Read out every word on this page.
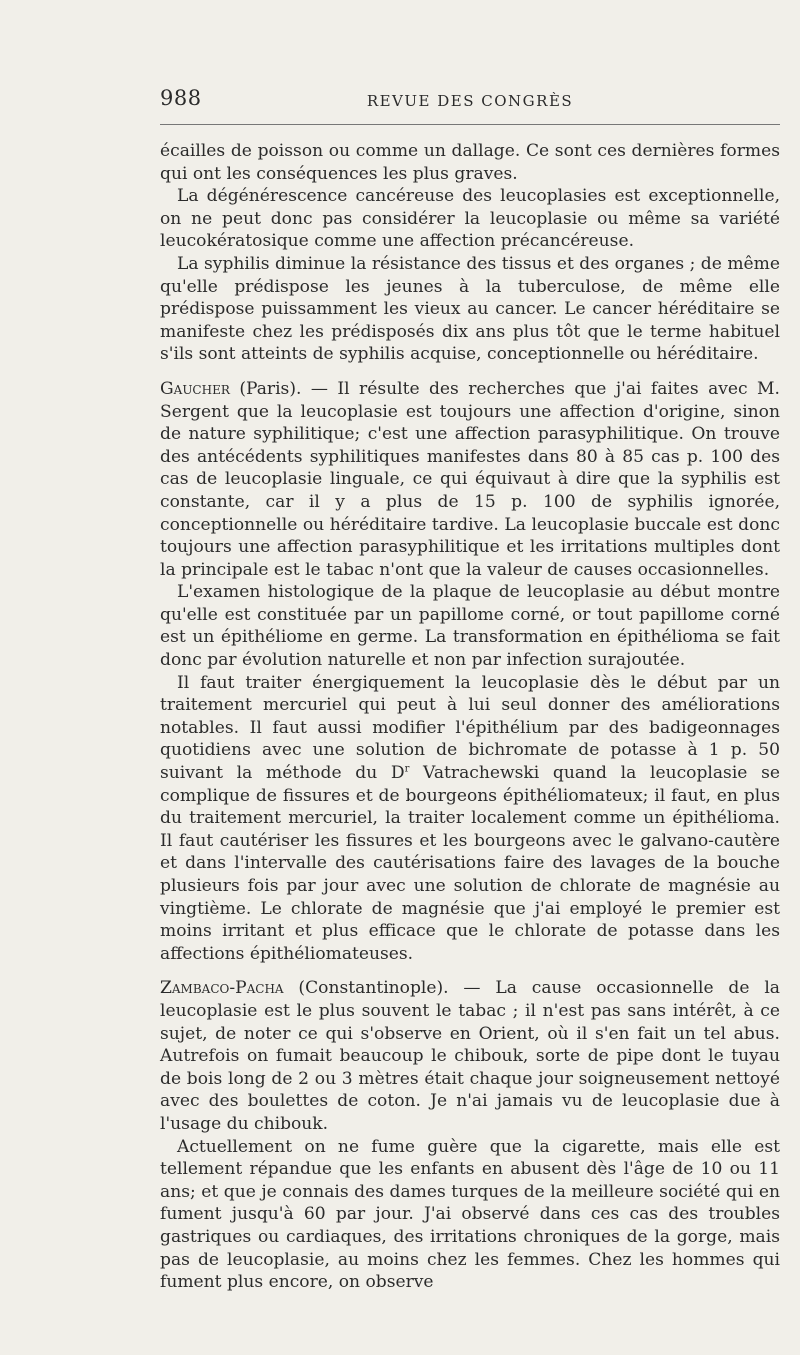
988	REVUE DES CONGRÈS

écailles de poisson ou comme un dallage. Ce sont ces dernières formes qui ont les conséquences les plus graves.

La dégénérescence cancéreuse des leucoplasies est exceptionnelle, on ne peut donc pas considérer la leucoplasie ou même sa variété leucokératosique comme une affection précancéreuse.

La syphilis diminue la résistance des tissus et des organes ; de même qu'elle prédispose les jeunes à la tuberculose, de même elle prédispose puissamment les vieux au cancer. Le cancer héréditaire se manifeste chez les prédisposés dix ans plus tôt que le terme habituel s'ils sont atteints de syphilis acquise, conceptionnelle ou héréditaire.

Gaucher (Paris). — Il résulte des recherches que j'ai faites avec M. Sergent que la leucoplasie est toujours une affection d'origine, sinon de nature syphilitique; c'est une affection parasyphilitique. On trouve des antécédents syphilitiques manifestes dans 80 à 85 cas p. 100 des cas de leucoplasie linguale, ce qui équivaut à dire que la syphilis est constante, car il y a plus de 15 p. 100 de syphilis ignorée, conceptionnelle ou héréditaire tardive. La leucoplasie buccale est donc toujours une affection parasyphilitique et les irritations multiples dont la principale est le tabac n'ont que la valeur de causes occasionnelles.

L'examen histologique de la plaque de leucoplasie au début montre qu'elle est constituée par un papillome corné, or tout papillome corné est un épithéliome en germe. La transformation en épithélioma se fait donc par évolution naturelle et non par infection surajoutée.

Il faut traiter énergiquement la leucoplasie dès le début par un traitement mercuriel qui peut à lui seul donner des améliorations notables. Il faut aussi modifier l'épithélium par des badigeonnages quotidiens avec une solution de bichromate de potasse à 1 p. 50 suivant la méthode du $D^r$ Vatrachewski quand la leucoplasie se complique de fissures et de bourgeons épithéliomateux; il faut, en plus du traitement mercuriel, la traiter localement comme un épithélioma. Il faut cautériser les fissures et les bourgeons avec le galvano-cautère et dans l'intervalle des cautérisations faire des lavages de la bouche plusieurs fois par jour avec une solution de chlorate de magnésie au vingtième. Le chlorate de magnésie que j'ai employé le premier est moins irritant et plus efficace que le chlorate de potasse dans les affections épithéliomateuses.

Zambaco-Pacha (Constantinople). — La cause occasionnelle de la leucoplasie est le plus souvent le tabac ; il n'est pas sans intérêt, à ce sujet, de noter ce qui s'observe en Orient, où il s'en fait un tel abus. Autrefois on fumait beaucoup le chibouk, sorte de pipe dont le tuyau de bois long de 2 ou 3 mètres était chaque jour soigneusement nettoyé avec des boulettes de coton. Je n'ai jamais vu de leucoplasie due à l'usage du chibouk.

Actuellement on ne fume guère que la cigarette, mais elle est tellement répandue que les enfants en abusent dès l'âge de 10 ou 11 ans; et que je connais des dames turques de la meilleure société qui en fument jusqu'à 60 par jour. J'ai observé dans ces cas des troubles gastriques ou cardiaques, des irritations chroniques de la gorge, mais pas de leucoplasie, au moins chez les femmes. Chez les hommes qui fument plus encore, on observe
